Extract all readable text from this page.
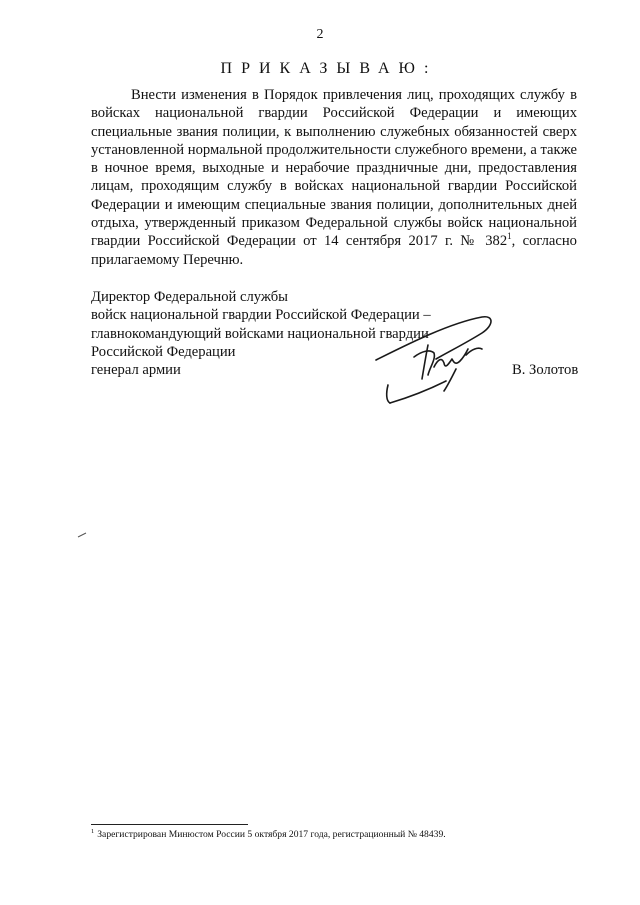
2
ПРИКАЗЫВАЮ:

Внести изменения в Порядок привлечения лиц, проходящих службу в войсках национальной гвардии Российской Федерации и имеющих специальные звания полиции, к выполнению служебных обязанностей сверх установленной нормальной продолжительности служебного времени, а также в ночное время, выходные и нерабочие праздничные дни, предоставления лицам, проходящим службу в войсках национальной гвардии Российской Федерации и имеющим специальные звания полиции, дополнительных дней отдыха, утвержденный приказом Федеральной службы войск национальной гвардии Российской Федерации от 14 сентября 2017 г. № $382^1$, согласно прилагаемому Перечню.

Директор Федеральной службы
войск национальной гвардии Российской Федерации –
главнокомандующий войсками национальной гвардии
Российской Федерации
генерал армии	В. Золотов
$^1$ Зарегистрирован Минюстом России 5 октября 2017 года, регистрационный № 48439.
